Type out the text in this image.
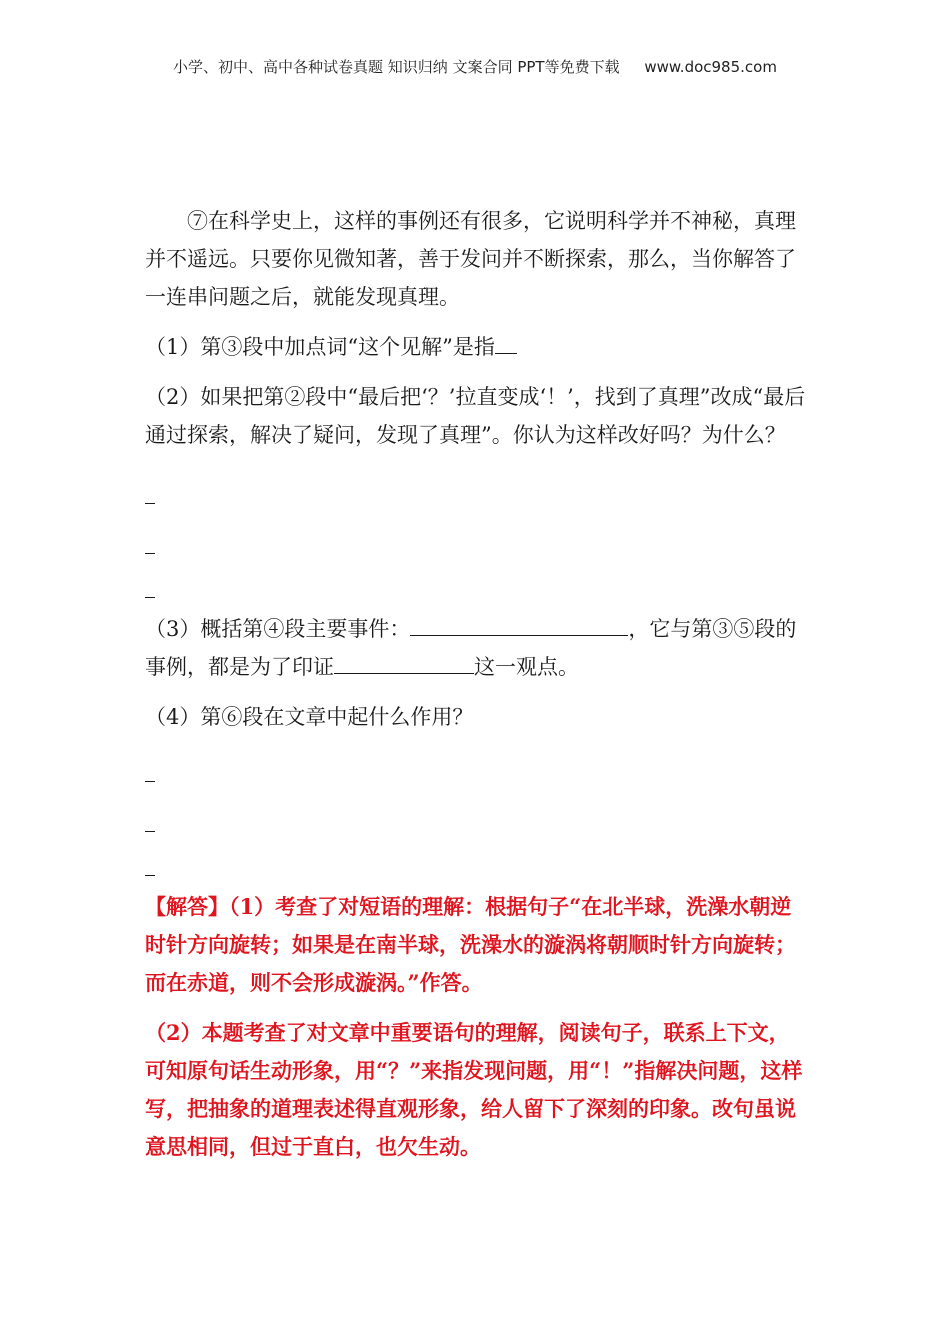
小学、初中、高中各种试卷真题 知识归纳 文案合同 PPT等免费下载 www.doc985.com

⑦在科学史上，这样的事例还有很多，它说明科学并不神秘，真理并不遥远。只要你见微知著，善于发问并不断探索，那么，当你解答了一连串问题之后，就能发现真理。

（1）第③段中加点词“这个见解”是指

（2）如果把第②段中“最后把‘？’拉直变成‘！’，找到了真理”改成“最后通过探索，解决了疑问，发现了真理”。你认为这样改好吗？为什么？

（3）概括第④段主要事件：	，它与第③⑤段的事例，都是为了印证	这一观点。

（4）第⑥段在文章中起什么作用？

【解答】（1）考查了对短语的理解：根据句子“在北半球，洗澡水朝逆时针方向旋转；如果是在南半球，洗澡水的漩涡将朝顺时针方向旋转；而在赤道，则不会形成漩涡。”作答。

（2）本题考查了对文章中重要语句的理解，阅读句子，联系上下文，可知原句话生动形象，用“？”来指发现问题，用“！”指解决问题，这样写，把抽象的道理表述得直观形象，给人留下了深刻的印象。改句虽说意思相同，但过于直白，也欠生动。
